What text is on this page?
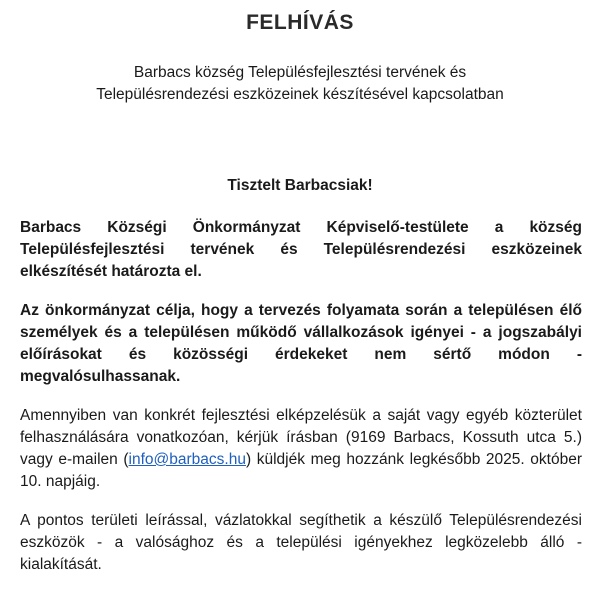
FELHÍVÁS
Barbacs község Településfejlesztési tervének és
Településrendezési eszközeinek készítésével kapcsolatban
Tisztelt Barbacsiak!
Barbacs Községi Önkormányzat Képviselő-testülete a község Településfejlesztési tervének és Településrendezési eszközeinek elkészítését határozta el.
Az önkormányzat célja, hogy a tervezés folyamata során a településen élő személyek és a településen működő vállalkozások igényei - a jogszabályi előírásokat és közösségi érdekeket nem sértő módon - megvalósulhassanak.
Amennyiben van konkrét fejlesztési elképzelésük a saját vagy egyéb közterület felhasználására vonatkozóan, kérjük írásban (9169 Barbacs, Kossuth utca 5.) vagy e-mailen (info@barbacs.hu) küldjék meg hozzánk legkésőbb 2025. október 10. napjáig.
A pontos területi leírással, vázlatokkal segíthetik a készülő Településrendezési eszközök - a valósághoz és a települési igényekhez legközelebb álló - kialakítását.
